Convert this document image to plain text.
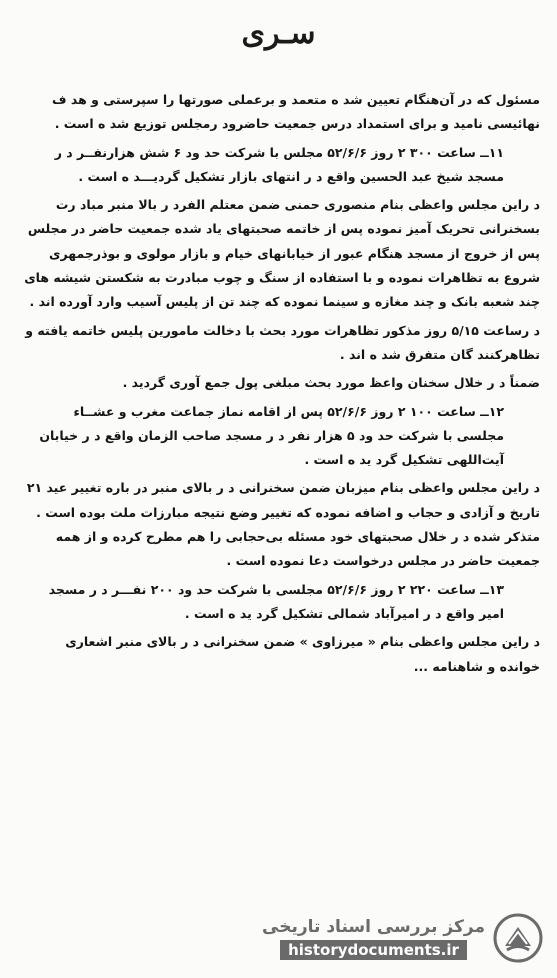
سـری

مسئول که در آن‌هنگام تعیین شد ه متعمد و برعملی صورتها را سپرستی و هد ف نهائیسی نامید و برای استمداد درس جمعیت حاضرود رمجلس توزیع شد ه است .

۱۱ــ ساعت ۳۰۰ ۲ روز ۵۲/۶/۶ مجلس با شرکت حد ود ۶ شش هزارنفــر د ر مسجد شیخ عبد الحسین واقع د ر انتهای بازار تشکیل گردیـــد ه است .

د راین مجلس واعظی بنام منصوری حمنی ضمن معتلم الفرد ر بالا منبر مباد رت بسخنرانی تحریک آمیز نموده پس از خاتمه صحبتهای یاد شده جمعیت حاضر در مجلس پس از خروج از مسجد هنگام عبور از خیابانهای خیام و بازار مولوی و بوذرجمهری شروع به تظاهرات نموده و با استفاده از سنگ و چوب مبادرت به شکستن شیشه های چند شعبه بانک و چند مغازه و سینما نموده که چند تن از پلیس آسیب وارد آورده اند .

د رساعت ۵/۱۵ روز مذکور تظاهرات مورد بحث با دخالت مامورین پلیس خاتمه یافته و تظاهرکنند گان متفرق شد ه اند .

ضمناً د ر خلال سخنان واعظ مورد بحث مبلغی پول جمع آوری گردید .

۱۲ــ ساعت ۱۰۰ ۲ روز ۵۲/۶/۶ پس از اقامه نماز جماعت مغرب و عشــاء مجلسی با شرکت حد ود ۵ هزار نفر د ر مسجد صاحب الزمان واقع د ر خیابان آیت‌اللهی تشکیل گرد ید ه است .

د راین مجلس واعظی بنام میزبان ضمن سخنرانی د ر بالای منبر در باره تغییر عید ۲۱ تاریخ و آزادی و حجاب و اضافه نموده که تغییر وضع نتیجه مبارزات ملت بوده است . متذکر شده د ر خلال صحبتهای خود مسئله بی‌حجابی را هم مطرح کرده و از همه جمعیت حاضر در مجلس درخواست دعا نموده است .

۱۳ــ ساعت ۲۲۰ ۲ روز ۵۲/۶/۶ مجلسی با شرکت حد ود ۲۰۰ نفـــر د ر مسجد امیر واقع د ر امیرآباد شمالی تشکیل گرد ید ه است .

د راین مجلس واعظی بنام « میرزاوی » ضمن سخنرانی د ر بالای منبر اشعاری خوانده و شاهنامه ...

مرکز بررسی اسناد تاریخی
historydocuments.ir
